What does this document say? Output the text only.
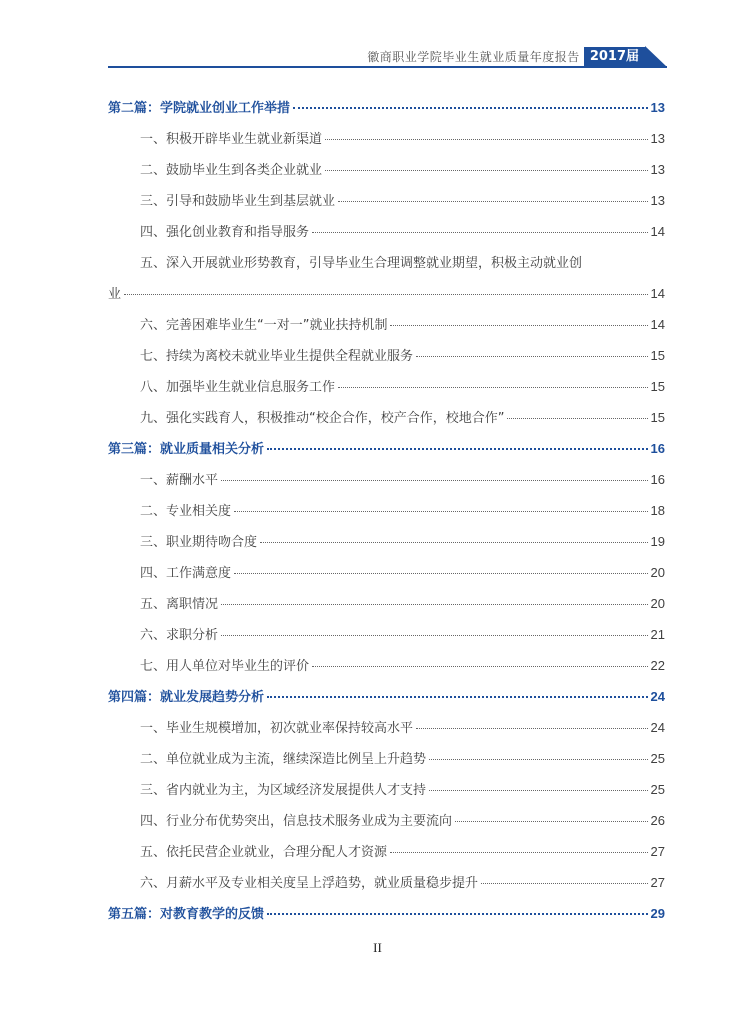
徽商职业学院毕业生就业质量年度报告 2017届
第二篇：学院就业创业工作举措	13
一、积极开辟毕业生就业新渠道	13
二、鼓励毕业生到各类企业就业	13
三、引导和鼓励毕业生到基层就业	13
四、强化创业教育和指导服务	14
五、深入开展就业形势教育，引导毕业生合理调整就业期望，积极主动就业创
业	14
六、完善困难毕业生“一对一”就业扶持机制	14
七、持续为离校未就业毕业生提供全程就业服务	15
八、加强毕业生就业信息服务工作	15
九、强化实践育人，积极推动“校企合作，校产合作，校地合作”	15
第三篇：就业质量相关分析	16
一、薪酬水平	16
二、专业相关度	18
三、职业期待吻合度	19
四、工作满意度	20
五、离职情况	20
六、求职分析	21
七、用人单位对毕业生的评价	22
第四篇：就业发展趋势分析	24
一、毕业生规模增加，初次就业率保持较高水平	24
二、单位就业成为主流，继续深造比例呈上升趋势	25
三、省内就业为主，为区域经济发展提供人才支持	25
四、行业分布优势突出，信息技术服务业成为主要流向	26
五、依托民营企业就业，合理分配人才资源	27
六、月薪水平及专业相关度呈上浮趋势，就业质量稳步提升	27
第五篇：对教育教学的反馈	29
II
